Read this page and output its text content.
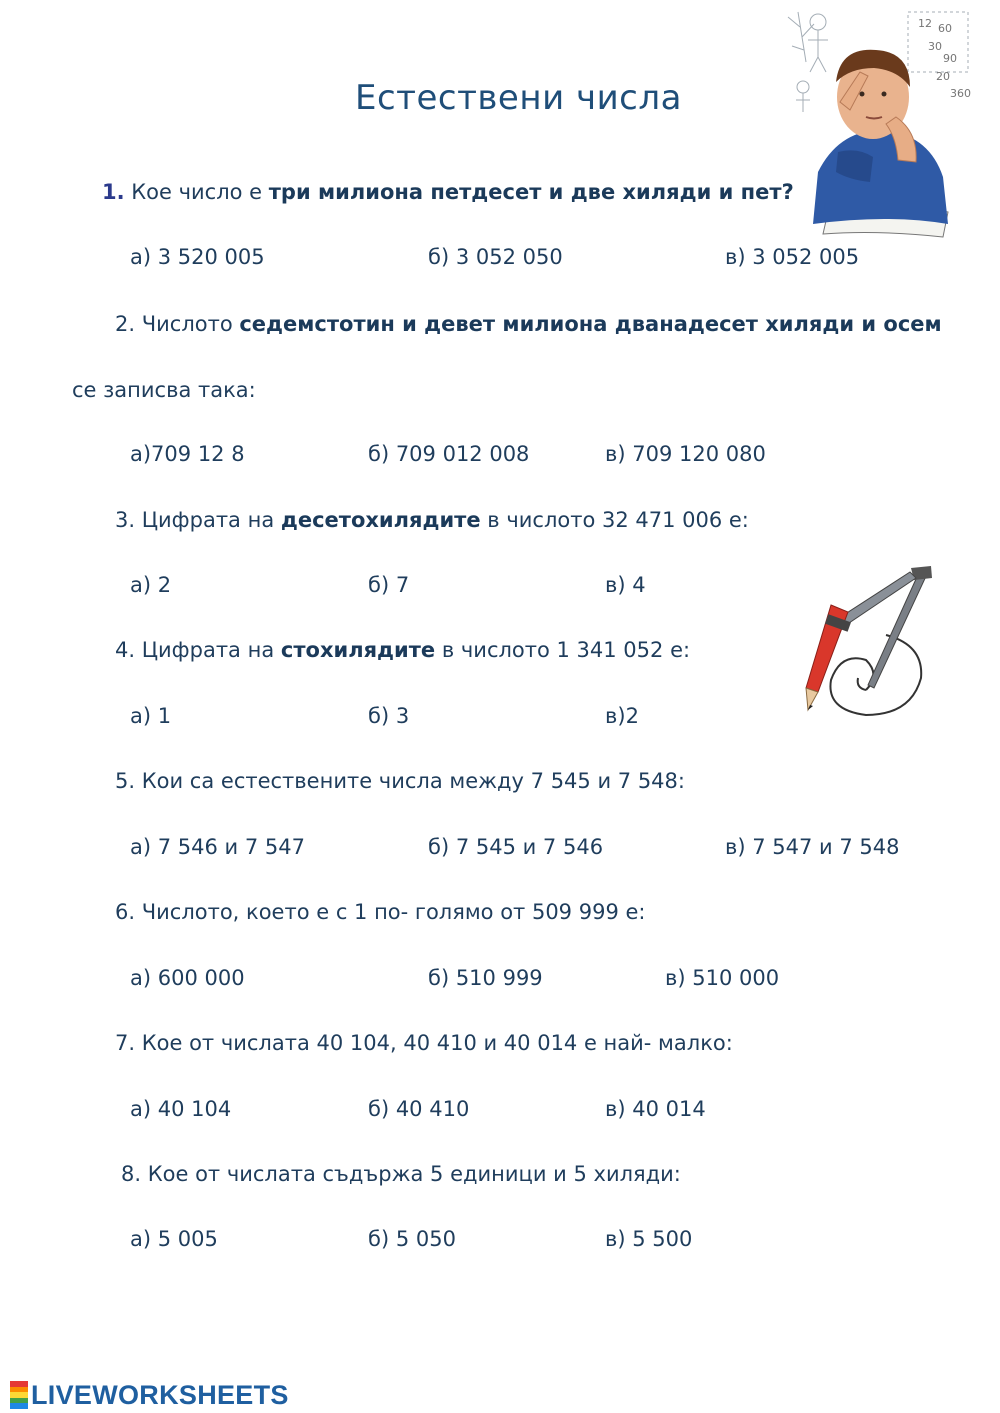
Естествени числа
12 60
30
90
20
360
1. Кое число е три милиона петдесет и две хиляди и пет?
а) 3 520 005	б) 3 052 050	в) 3 052 005
2. Числото седемстотин и девет милиона дванадесет хиляди и осем
се записва така:
а)709 12 8	б) 709 012 008	в) 709 120 080
3. Цифрата на десетохилядите в числото 32 471 006 е:
а) 2	б) 7	в) 4
4. Цифрата на стохилядите в числото 1 341 052 е:
а) 1	б) 3	в)2
5. Кои са естествените числа между 7 545 и 7 548:
а) 7 546 и 7 547	б) 7 545 и 7 546	в) 7 547 и 7 548
6. Числото, което е с 1 по- голямо от 509 999 е:
а) 600 000	б) 510 999	в) 510 000
7. Кое от числата 40 104, 40 410 и 40 014 е най- малко:
а) 40 104	б) 40 410	в) 40 014
8. Кое от числата съдържа 5 единици и 5 хиляди:
а) 5 005	б) 5 050	в) 5 500
LIVEWORKSHEETS
